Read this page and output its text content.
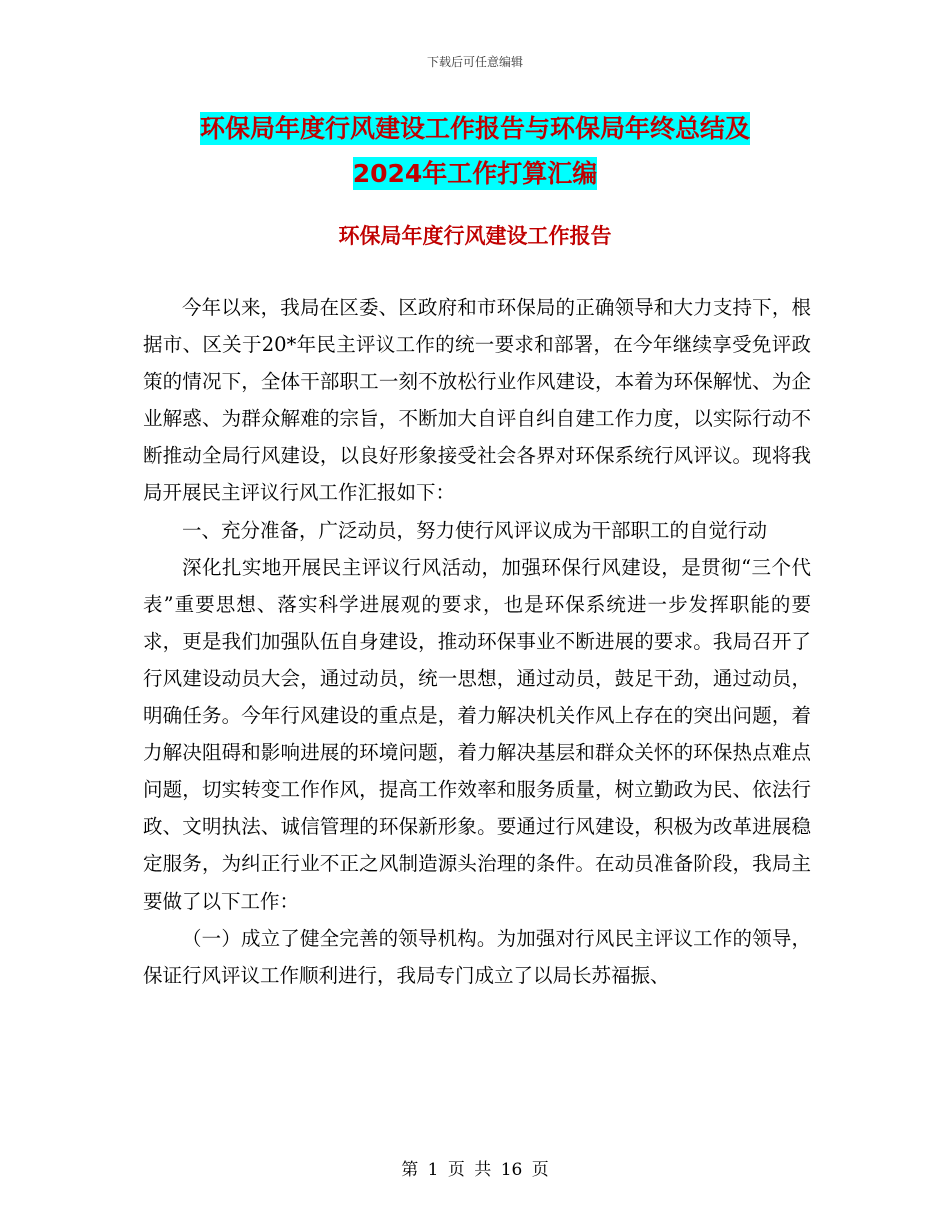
下载后可任意编辑
环保局年度行风建设工作报告与环保局年终总结及
2024年工作打算汇编
环保局年度行风建设工作报告

今年以来，我局在区委、区政府和市环保局的正确领导和大力支持下，根据市、区关于20*年民主评议工作的统一要求和部署，在今年继续享受免评政策的情况下，全体干部职工一刻不放松行业作风建设，本着为环保解忧、为企业解惑、为群众解难的宗旨，不断加大自评自纠自建工作力度，以实际行动不断推动全局行风建设，以良好形象接受社会各界对环保系统行风评议。现将我局开展民主评议行风工作汇报如下：

一、充分准备，广泛动员，努力使行风评议成为干部职工的自觉行动

深化扎实地开展民主评议行风活动，加强环保行风建设，是贯彻“三个代表”重要思想、落实科学进展观的要求，也是环保系统进一步发挥职能的要求，更是我们加强队伍自身建设，推动环保事业不断进展的要求。我局召开了行风建设动员大会，通过动员，统一思想，通过动员，鼓足干劲，通过动员，明确任务。今年行风建设的重点是，着力解决机关作风上存在的突出问题，着力解决阻碍和影响进展的环境问题，着力解决基层和群众关怀的环保热点难点问题，切实转变工作作风，提高工作效率和服务质量，树立勤政为民、依法行政、文明执法、诚信管理的环保新形象。要通过行风建设，积极为改革进展稳定服务，为纠正行业不正之风制造源头治理的条件。在动员准备阶段，我局主要做了以下工作：

（一）成立了健全完善的领导机构。为加强对行风民主评议工作的领导，保证行风评议工作顺利进行，我局专门成立了以局长苏福振、

第 1 页 共 16 页
